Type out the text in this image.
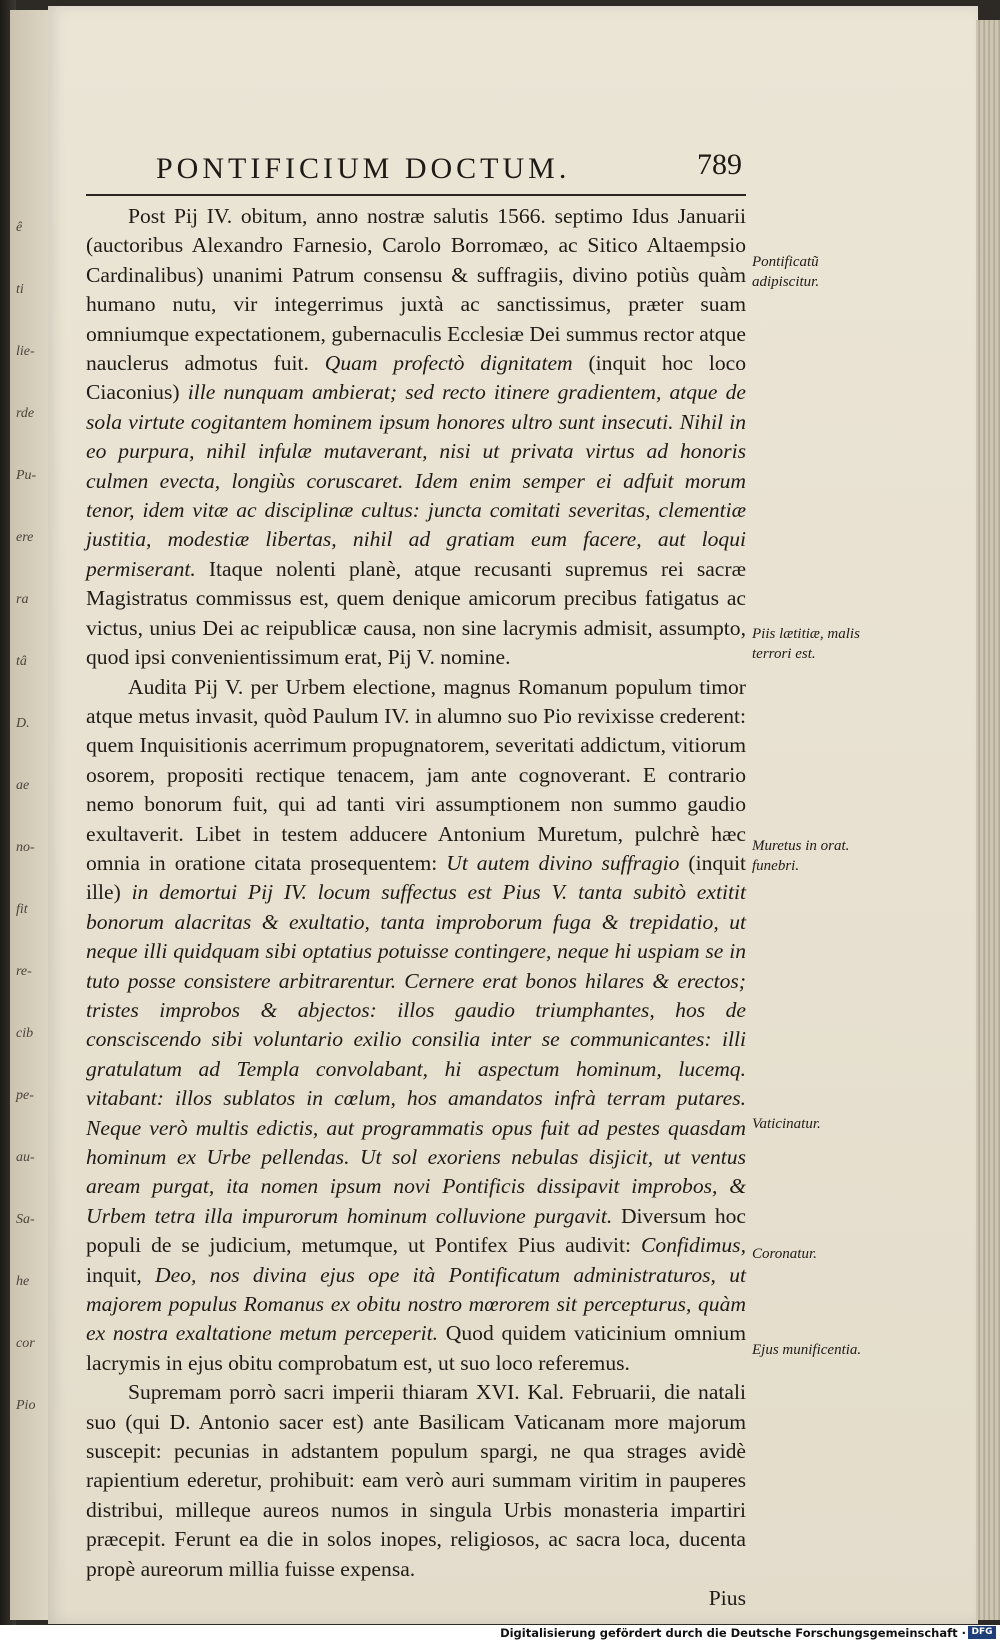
ê
ti
lie-
rde
Pu-
ere
ra
tâ
D.
ae
no-
fit
re-
cib
pe-
au-
Sa-
he
cor
Pio
PONTIFICIUM DOCTUM.	789

Post Pij IV. obitum, anno nostræ salutis 1566. septimo Idus Januarii (auctoribus Alexandro Farnesio, Carolo Borromæo, ac Sitico Altaempsio Cardinalibus) unanimi Patrum consensu & suffragiis, divino potiùs quàm humano nutu, vir integerrimus juxtà ac sanctissimus, præter suam omniumque expectationem, gubernaculis Ecclesiæ Dei summus rector atque nauclerus admotus fuit. Quam profectò dignitatem (inquit hoc loco Ciaconius) ille nunquam ambierat; sed recto itinere gradientem, atque de sola virtute cogitantem hominem ipsum honores ultro sunt insecuti. Nihil in eo purpura, nihil infulæ mutaverant, nisi ut privata virtus ad honoris culmen evecta, longiùs coruscaret. Idem enim semper ei adfuit morum tenor, idem vitæ ac disciplinæ cultus: juncta comitati severitas, clementiæ justitia, modestiæ libertas, nihil ad gratiam eum facere, aut loqui permiserant. Itaque nolenti planè, atque recusanti supremus rei sacræ Magistratus commissus est, quem denique amicorum precibus fatigatus ac victus, unius Dei ac reipublicæ causa, non sine lacrymis admisit, assumpto, quod ipsi convenientissimum erat, Pij V. nomine.

Audita Pij V. per Urbem electione, magnus Romanum populum timor atque metus invasit, quòd Paulum IV. in alumno suo Pio revixisse crederent: quem Inquisitionis acerrimum propugnatorem, severitati addictum, vitiorum osorem, propositi rectique tenacem, jam ante cognoverant. E contrario nemo bonorum fuit, qui ad tanti viri assumptionem non summo gaudio exultaverit. Libet in testem adducere Antonium Muretum, pulchrè hæc omnia in oratione citata prosequentem: Ut autem divino suffragio (inquit ille) in demortui Pij IV. locum suffectus est Pius V. tanta subitò extitit bonorum alacritas & exultatio, tanta improborum fuga & trepidatio, ut neque illi quidquam sibi optatius potuisse contingere, neque hi uspiam se in tuto posse consistere arbitrarentur. Cernere erat bonos hilares & erectos; tristes improbos & abjectos: illos gaudio triumphantes, hos de consciscendo sibi voluntario exilio consilia inter se communicantes: illi gratulatum ad Templa convolabant, hi aspectum hominum, lucemq. vitabant: illos sublatos in cœlum, hos amandatos infrà terram putares. Neque verò multis edictis, aut programmatis opus fuit ad pestes quasdam hominum ex Urbe pellendas. Ut sol exoriens nebulas disjicit, ut ventus aream purgat, ita nomen ipsum novi Pontificis dissipavit improbos, & Urbem tetra illa impurorum hominum colluvione purgavit. Diversum hoc populi de se judicium, metumque, ut Pontifex Pius audivit: Confidimus, inquit, Deo, nos divina ejus ope ità Pontificatum administraturos, ut majorem populus Romanus ex obitu nostro mœrorem sit percepturus, quàm ex nostra exaltatione metum perceperit. Quod quidem vaticinium omnium lacrymis in ejus obitu comprobatum est, ut suo loco referemus.

Supremam porrò sacri imperii thiaram XVI. Kal. Februarii, die natali suo (qui D. Antonio sacer est) ante Basilicam Vaticanam more majorum suscepit: pecunias in adstantem populum spargi, ne qua strages avidè rapientium ederetur, prohibuit: eam verò auri summam viritim in pauperes distribui, milleque aureos numos in singula Urbis monasteria impartiri præcepit. Ferunt ea die in solos inopes, religiosos, ac sacra loca, ducenta propè aureorum millia fuisse expensa.

Pius

Pontificatũ adipiscitur.
Piis lætitiæ, malis terrori est.
Muretus in orat. funebri.
Vaticinatur.
Coronatur.
Ejus munificentia.
Digitalisierung gefördert durch die Deutsche Forschungsgemeinschaft · DFG
